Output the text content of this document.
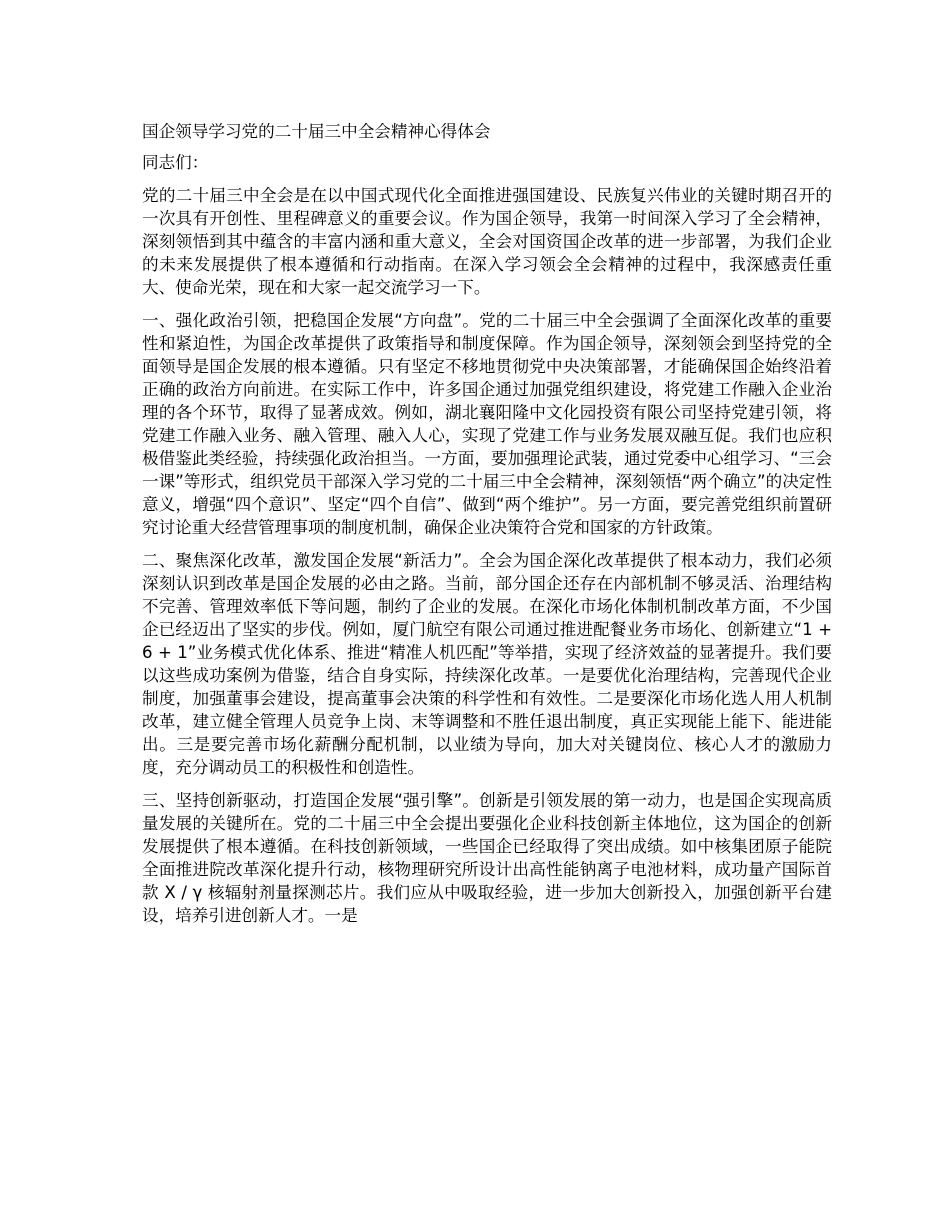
国企领导学习党的二十届三中全会精神心得体会

同志们：

党的二十届三中全会是在以中国式现代化全面推进强国建设、民族复兴伟业的关键时期召开的一次具有开创性、里程碑意义的重要会议。作为国企领导，我第一时间深入学习了全会精神，深刻领悟到其中蕴含的丰富内涵和重大意义，全会对国资国企改革的进一步部署，为我们企业的未来发展提供了根本遵循和行动指南。在深入学习领会全会精神的过程中，我深感责任重大、使命光荣，现在和大家一起交流学习一下。

一、强化政治引领，把稳国企发展“方向盘”。党的二十届三中全会强调了全面深化改革的重要性和紧迫性，为国企改革提供了政策指导和制度保障。作为国企领导，深刻领会到坚持党的全面领导是国企发展的根本遵循。只有坚定不移地贯彻党中央决策部署，才能确保国企始终沿着正确的政治方向前进。在实际工作中，许多国企通过加强党组织建设，将党建工作融入企业治理的各个环节，取得了显著成效。例如，湖北襄阳隆中文化园投资有限公司坚持党建引领，将党建工作融入业务、融入管理、融入人心，实现了党建工作与业务发展双融互促。我们也应积极借鉴此类经验，持续强化政治担当。一方面，要加强理论武装，通过党委中心组学习、“三会一课”等形式，组织党员干部深入学习党的二十届三中全会精神，深刻领悟“两个确立”的决定性意义，增强“四个意识”、坚定“四个自信”、做到“两个维护”。另一方面，要完善党组织前置研究讨论重大经营管理事项的制度机制，确保企业决策符合党和国家的方针政策。

二、聚焦深化改革，激发国企发展“新活力”。全会为国企深化改革提供了根本动力，我们必须深刻认识到改革是国企发展的必由之路。当前，部分国企还存在内部机制不够灵活、治理结构不完善、管理效率低下等问题，制约了企业的发展。在深化市场化体制机制改革方面，不少国企已经迈出了坚实的步伐。例如，厦门航空有限公司通过推进配餐业务市场化、创新建立“1 + 6 + 1”业务模式优化体系、推进“精准人机匹配”等举措，实现了经济效益的显著提升。我们要以这些成功案例为借鉴，结合自身实际，持续深化改革。一是要优化治理结构，完善现代企业制度，加强董事会建设，提高董事会决策的科学性和有效性。二是要深化市场化选人用人机制改革，建立健全管理人员竞争上岗、末等调整和不胜任退出制度，真正实现能上能下、能进能出。三是要完善市场化薪酬分配机制，以业绩为导向，加大对关键岗位、核心人才的激励力度，充分调动员工的积极性和创造性。

三、坚持创新驱动，打造国企发展“强引擎”。创新是引领发展的第一动力，也是国企实现高质量发展的关键所在。党的二十届三中全会提出要强化企业科技创新主体地位，这为国企的创新发展提供了根本遵循。在科技创新领域，一些国企已经取得了突出成绩。如中核集团原子能院全面推进院改革深化提升行动，核物理研究所设计出高性能钠离子电池材料，成功量产国际首款 X / γ 核辐射剂量探测芯片。我们应从中吸取经验，进一步加大创新投入，加强创新平台建设，培养引进创新人才。一是
